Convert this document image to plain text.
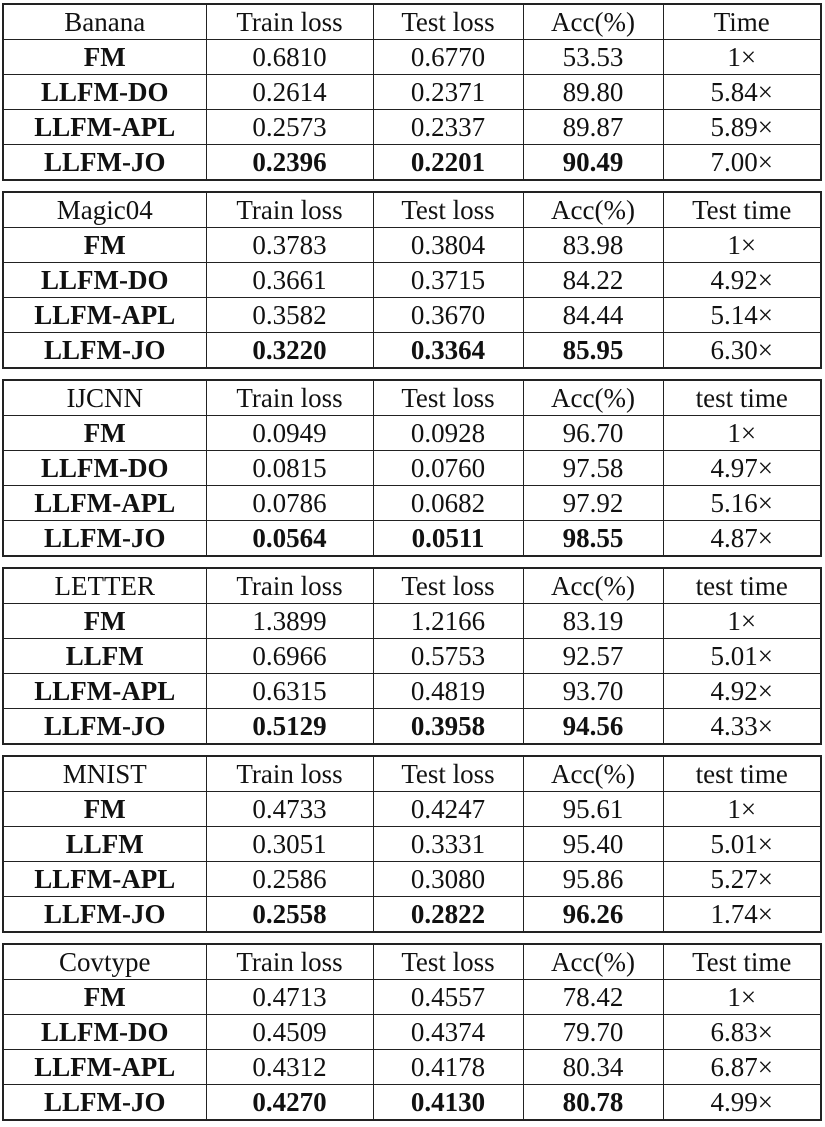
Banana	Train loss	Test loss	Acc(%)	Time
FM	0.6810	0.6770	53.53	1×
LLFM-DO	0.2614	0.2371	89.80	5.84×
LLFM-APL	0.2573	0.2337	89.87	5.89×
LLFM-JO	0.2396	0.2201	90.49	7.00×
Magic04	Train loss	Test loss	Acc(%)	Test time
FM	0.3783	0.3804	83.98	1×
LLFM-DO	0.3661	0.3715	84.22	4.92×
LLFM-APL	0.3582	0.3670	84.44	5.14×
LLFM-JO	0.3220	0.3364	85.95	6.30×
IJCNN	Train loss	Test loss	Acc(%)	test time
FM	0.0949	0.0928	96.70	1×
LLFM-DO	0.0815	0.0760	97.58	4.97×
LLFM-APL	0.0786	0.0682	97.92	5.16×
LLFM-JO	0.0564	0.0511	98.55	4.87×
LETTER	Train loss	Test loss	Acc(%)	test time
FM	1.3899	1.2166	83.19	1×
LLFM	0.6966	0.5753	92.57	5.01×
LLFM-APL	0.6315	0.4819	93.70	4.92×
LLFM-JO	0.5129	0.3958	94.56	4.33×
MNIST	Train loss	Test loss	Acc(%)	test time
FM	0.4733	0.4247	95.61	1×
LLFM	0.3051	0.3331	95.40	5.01×
LLFM-APL	0.2586	0.3080	95.86	5.27×
LLFM-JO	0.2558	0.2822	96.26	1.74×
Covtype	Train loss	Test loss	Acc(%)	Test time
FM	0.4713	0.4557	78.42	1×
LLFM-DO	0.4509	0.4374	79.70	6.83×
LLFM-APL	0.4312	0.4178	80.34	6.87×
LLFM-JO	0.4270	0.4130	80.78	4.99×
